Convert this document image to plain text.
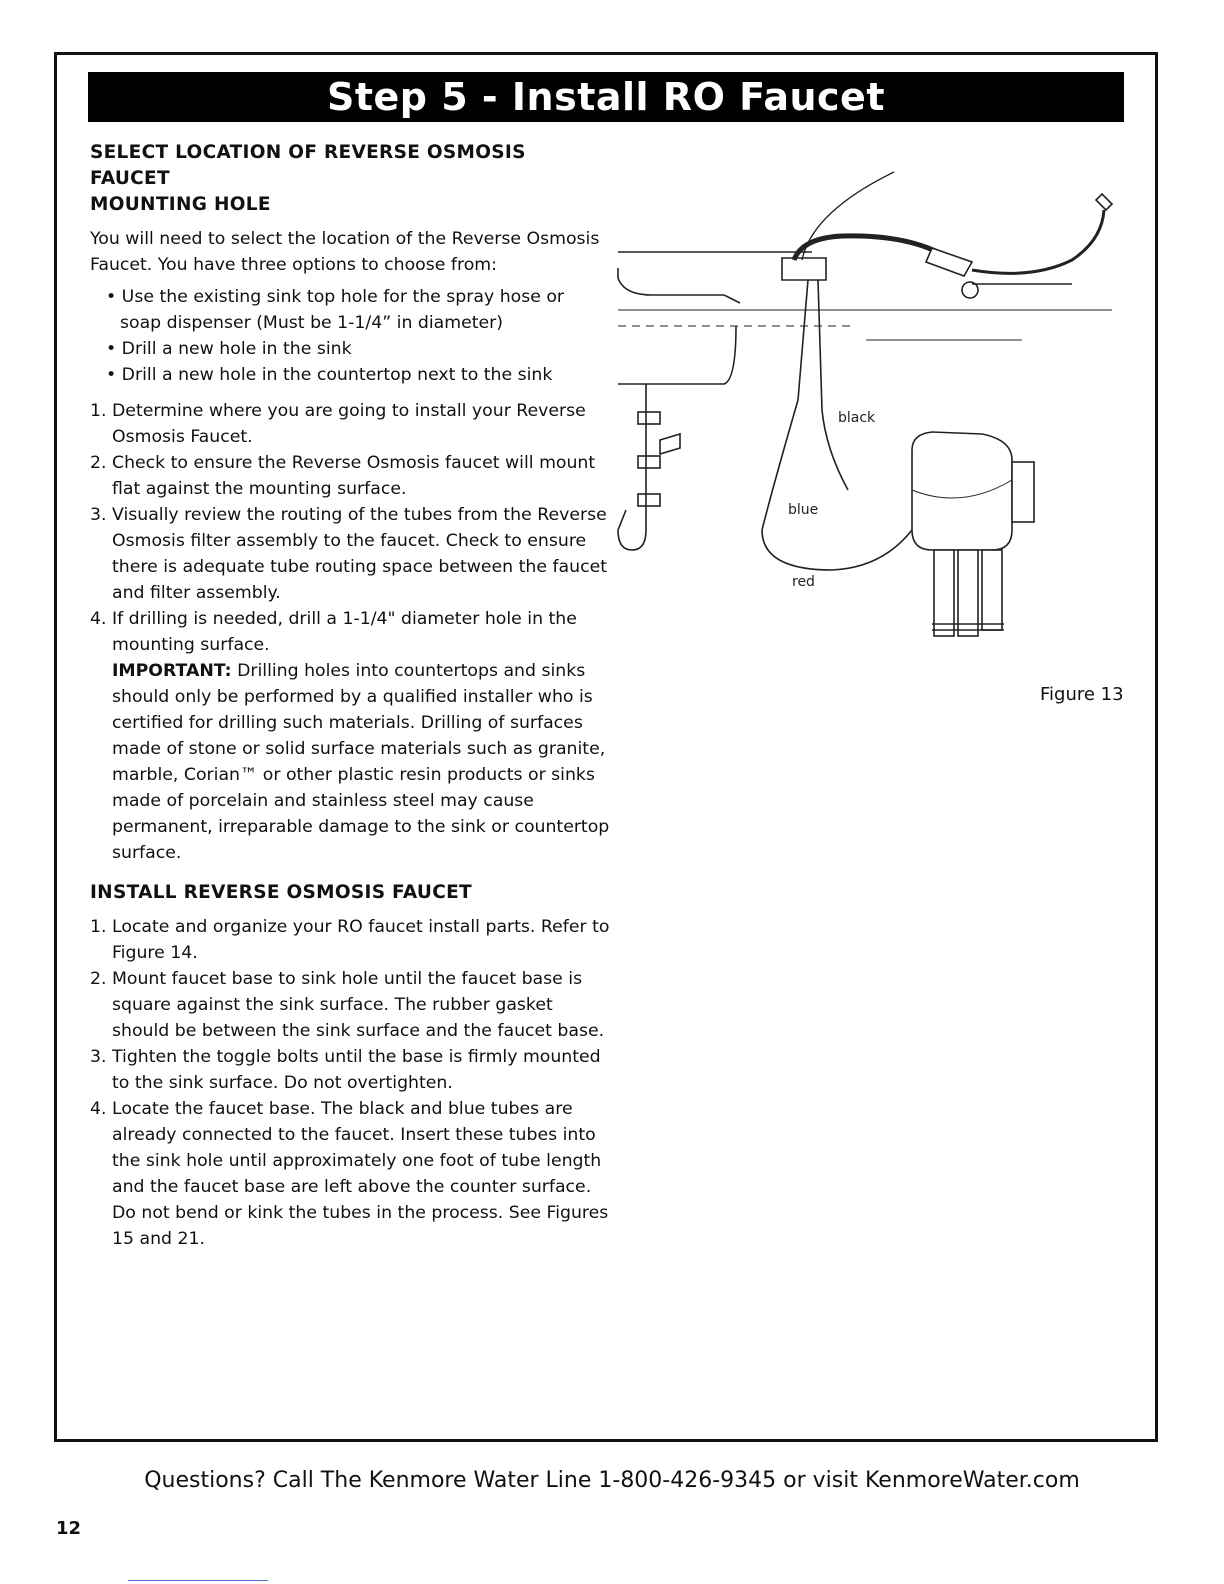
Step 5 - Install RO Faucet
SELECT LOCATION OF REVERSE OSMOSIS FAUCET
MOUNTING HOLE

You will need to select the location of the Reverse Osmosis Faucet. You have three options to choose from:

• Use the existing sink top hole for the spray hose or soap dispenser (Must be 1-1/4” in diameter)
• Drill a new hole in the sink
• Drill a new hole in the countertop next to the sink
1. Determine where you are going to install your Reverse Osmosis Faucet.
2. Check to ensure the Reverse Osmosis faucet will mount flat against the mounting surface.
3. Visually review the routing of the tubes from the Reverse Osmosis filter assembly to the faucet. Check to ensure there is adequate tube routing space between the faucet and filter assembly.
4. If drilling is needed, drill a 1-1/4" diameter hole in the mounting surface.
IMPORTANT: Drilling holes into countertops and sinks should only be performed by a qualified installer who is certified for drilling such materials. Drilling of surfaces made of stone or solid surface materials such as granite, marble, Corian™ or other plastic resin products or sinks made of porcelain and stainless steel may cause permanent, irreparable damage to the sink or countertop surface.
INSTALL REVERSE OSMOSIS FAUCET
1. Locate and organize your RO faucet install parts. Refer to Figure 14.
2. Mount faucet base to sink hole until the faucet base is square against the sink surface. The rubber gasket should be between the sink surface and the faucet base.
3. Tighten the toggle bolts until the base is firmly mounted to the sink surface. Do not overtighten.
4. Locate the faucet base. The black and blue tubes are already connected to the faucet. Insert these tubes into the sink hole until approximately one foot of tube length and the faucet base are left above the counter surface. Do not bend or kink the tubes in the process. See Figures 15 and 21.
black
blue
red
Figure 13
Questions? Call The Kenmore Water Line 1-800-426-9345 or visit KenmoreWater.com
12
